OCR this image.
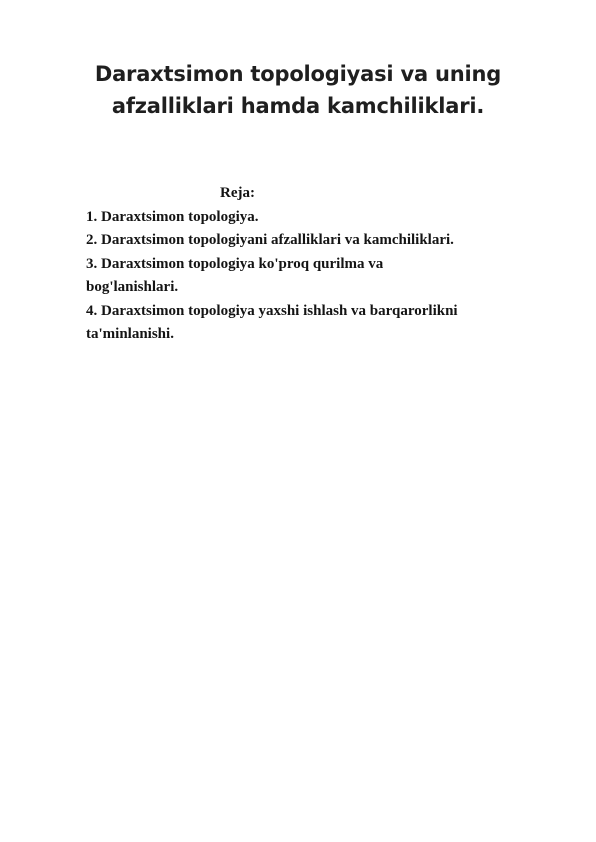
Daraxtsimon topologiyasi va uning
afzalliklari hamda kamchiliklari.

Reja:

1. Daraxtsimon topologiya.
2. Daraxtsimon topologiyani afzalliklari va kamchiliklari.
3. Daraxtsimon topologiya ko'proq qurilma va
bog'lanishlari.
4. Daraxtsimon topologiya yaxshi ishlash va barqarorlikni
ta'minlanishi.
